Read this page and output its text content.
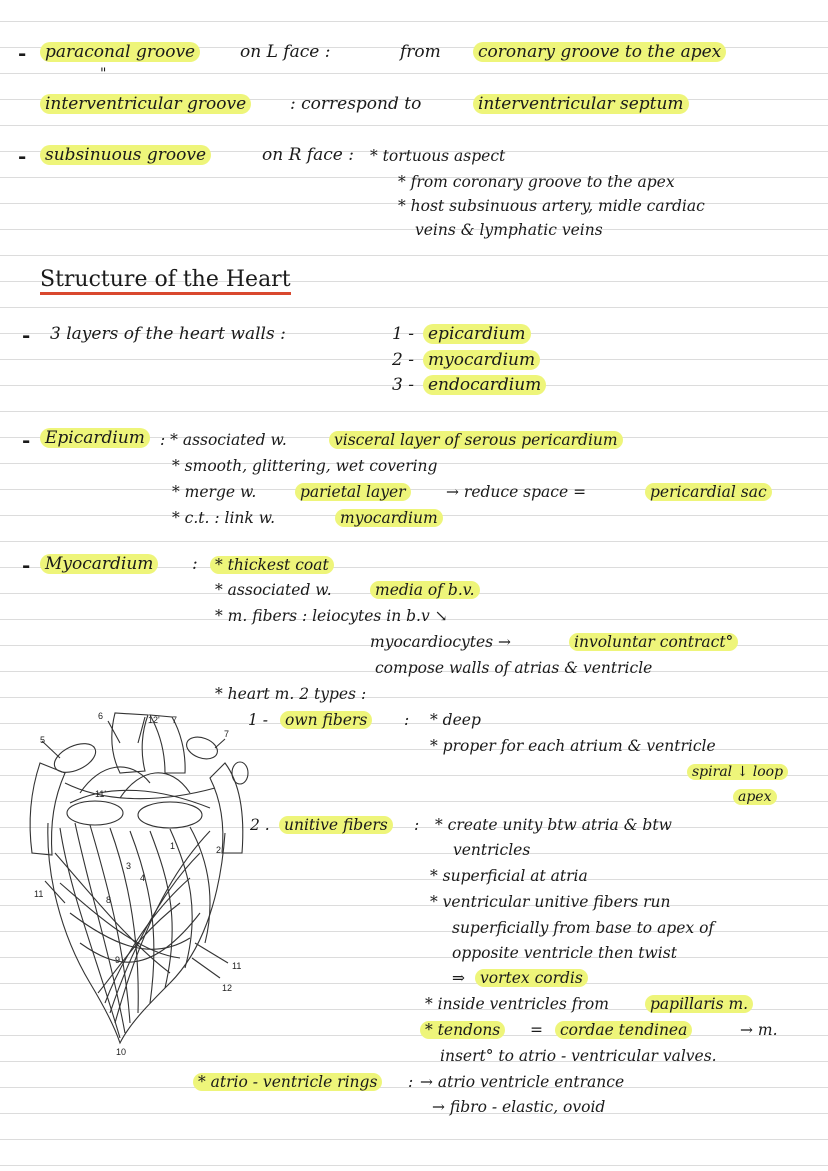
- paraconal groove	on L face :	from coronary groove to the apex
"
interventricular groove	: correspond to	interventricular septum
- subsinuous groove	on R face : * tortuous aspect
* from coronary groove to the apex
* host subsinuous artery, midle cardiac
veins & lymphatic veins
Structure of the Heart
- 3 layers of the heart walls :	1 - epicardium
2 - myocardium
3 - endocardium
- Epicardium : * associated w.	visceral layer of serous pericardium
* smooth, glittering, wet covering
* merge w.	parietal layer	→ reduce space =	pericardial sac
* c.t. : link w.	myocardium
- Myocardium : * thickest coat
* associated w.	media of b.v.
* m. fibers : leiocytes in b.v ↘
myocardiocytes →	involuntar contract°
compose walls of atrias & ventricle
* heart m. 2 types :
1 - own fibers : * deep
* proper for each atrium & ventricle
spiral ↓ loop
apex
2 . unitive fibers : * create unity btw atria & btw
ventricles
* superficial at atria
* ventricular unitive fibers run
superficially from base to apex of
opposite ventricle then twist
⇒ vortex cordis
* inside ventricles from	papillaris m.
* tendons = cordae tendinea	→ m.
insert° to atrio - ventricular valves.
* atrio - ventricle rings : → atrio ventricle entrance
→ fibro - elastic, ovoid
6	12' 7
5
7
11'
3
4
1	2
11
8
9
11
12
10
